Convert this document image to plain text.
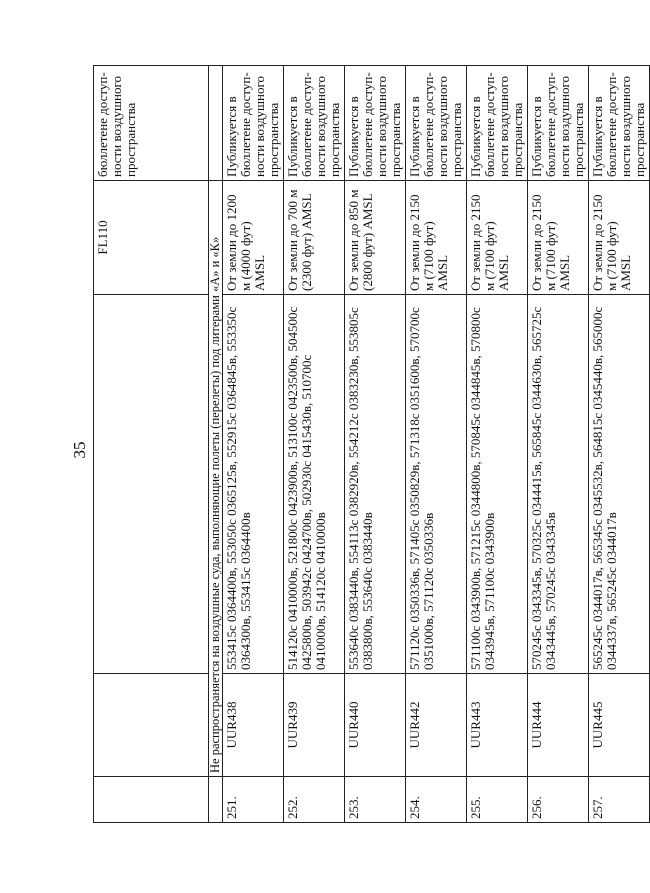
35
			FL110	бюллетене доступ-ности воздушного пространства
	Не распространяется на воздушные суда, выполняющие полеты (перелеты) под литерами «А» и «К»			
251.	UUR438	553415с 0364400в, 553050с 0365125в, 552915с 0364845в, 553350с 0364300в, 553415с 0364400в	От земли до 1200 м (4000 фут) AMSL	Публикуется в бюллетене доступ-ности воздушного пространства
252.	UUR439	514120с 0410000в, 521800с 0423900в, 513100с 0423500в, 504500с 0425800в, 503942с 0424700в, 502930с 0415430в, 510700с 0410000в, 514120с 0410000в	От земли до 700 м (2300 фут) AMSL	Публикуется в бюллетене доступ-ности воздушного пространства
253.	UUR440	553640с 0383440в, 554113с 0382920в, 554212с 0383230в, 553805с 0383800в, 553640с 0383440в	От земли до 850 м (2800 фут) AMSL	Публикуется в бюллетене доступ-ности воздушного пространства
254.	UUR442	571120с 0350336в, 571405с 0350829в, 571318с 0351600в, 570700с 0351000в, 571120с 0350336в	От земли до 2150 м (7100 фут) AMSL	Публикуется в бюллетене доступ-ности воздушного пространства
255.	UUR443	571100с 0343900в, 571215с 0344800в, 570845с 0344845в, 570800с 0343945в, 571100с 0343900в	От земли до 2150 м (7100 фут) AMSL	Публикуется в бюллетене доступ-ности воздушного пространства
256.	UUR444	570245с 0343345в, 570325с 0344415в, 565845с 0344630в, 565725с 0343445в, 570245с 0343345в	От земли до 2150 м (7100 фут) AMSL	Публикуется в бюллетене доступ-ности воздушного пространства
257.	UUR445	565245с 0344017в, 565345с 0345532в, 564815с 0345440в, 565000с 0344337в, 565245с 0344017в	От земли до 2150 м (7100 фут) AMSL	Публикуется в бюллетене доступ-ности воздушного пространства
